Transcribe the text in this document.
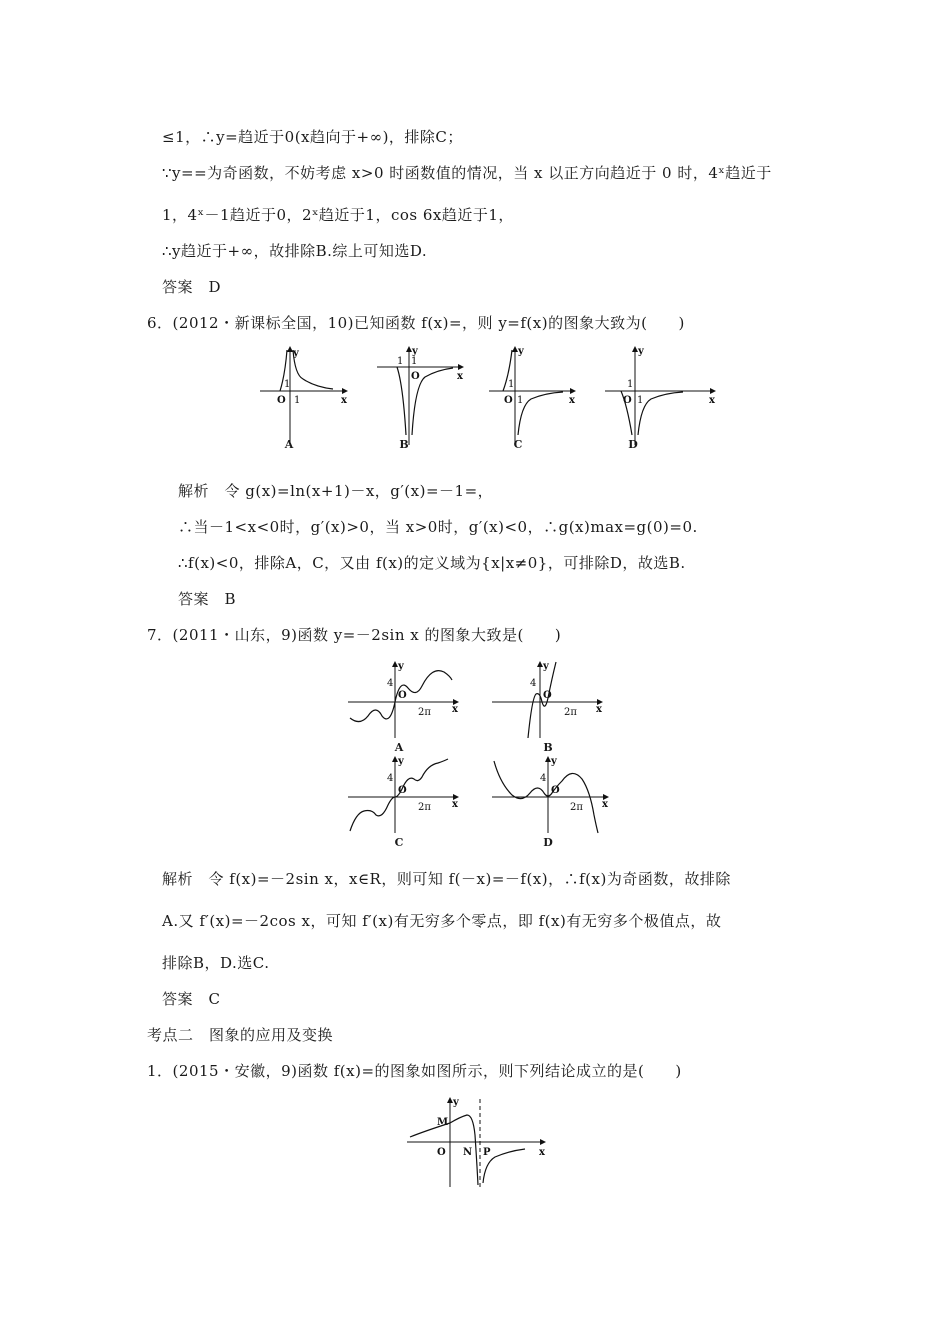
≤1，∴y=趋近于0(x趋向于+∞)，排除C；
∵y==为奇函数，不妨考虑 x>0 时函数值的情况，当 x 以正方向趋近于 0 时，4ˣ趋近于
1，4ˣ－1趋近于0，2ˣ趋近于1，cos 6x趋近于1，
∴y趋近于+∞，故排除B.综上可知选D.
答案　D
6．(2012・新课标全国，10)已知函数 f(x)=，则 y=f(x)的图象大致为(　　)
y
x
O 1
1
y
x
O
1 1
y
x
O 1
1
y
x
O 1
1
A	B	C	D
解析　令 g(x)=ln(x+1)－x，g′(x)=－1=，
∴当－1<x<0时，g′(x)>0，当 x>0时，g′(x)<0，∴g(x)max=g(0)=0.
∴f(x)<0，排除A，C，又由 f(x)的定义域为{x|x≠0}，可排除D，故选B.
答案　B
7．(2011・山东，9)函数 y=－2sin x 的图象大致是(　　)
y
x
O
4
2π
y
x
O
4
2π
y
x
O
4
2π
y
x
O
4
2π
A	B
C	D
解析　令 f(x)=－2sin x，x∈R，则可知 f(－x)=－f(x)，∴f(x)为奇函数，故排除
A.又 f′(x)=－2cos x，可知 f′(x)有无穷多个零点，即 f(x)有无穷多个极值点，故
排除B，D.选C.
答案　C
考点二　图象的应用及变换
1．(2015・安徽，9)函数 f(x)=的图象如图所示，则下列结论成立的是(　　)
y
x
O
M
N P
